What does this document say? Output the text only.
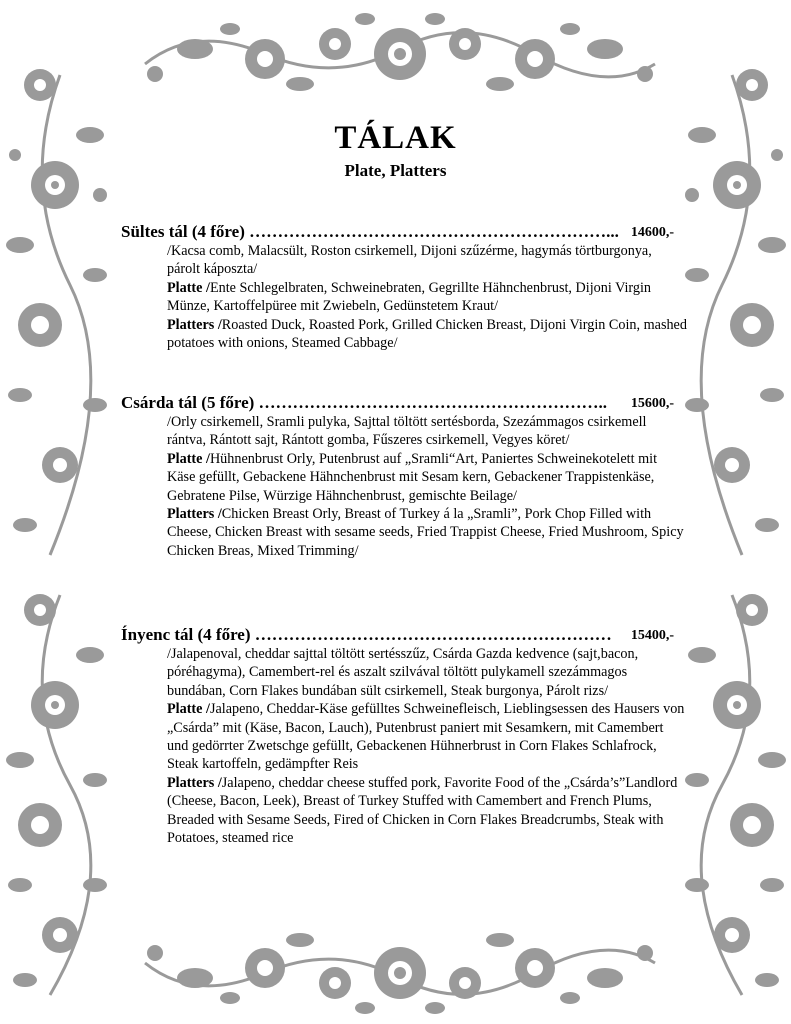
TÁLAK
Plate, Platters
Sültes tál (4 főre) ………………………………………………………... 14600,-

/Kacsa comb, Malacsült, Roston csirkemell, Dijoni szűzérme, hagymás törtburgonya, párolt káposzta/

Platte /Ente Schlegelbraten, Schweinebraten, Gegrillte Hähnchenbrust, Dijoni Virgin Münze, Kartoffelpüree mit Zwiebeln, Gedünstetem Kraut/

Platters /Roasted Duck, Roasted Pork, Grilled Chicken Breast, Dijoni Virgin Coin, mashed potatoes with onions, Steamed Cabbage/

Csárda tál (5 főre) …………………………………………………….. 15600,-

/Orly csirkemell, Sramli pulyka, Sajttal töltött sertésborda, Szezámmagos csirkemell rántva, Rántott sajt, Rántott gomba, Fűszeres csirkemell, Vegyes köret/

Platte /Hühnenbrust Orly, Putenbrust auf „Sramli“Art, Paniertes Schweinekotelett mit Käse gefüllt, Gebackene Hähnchenbrust mit Sesam kern, Gebackener Trappistenkäse, Gebratene Pilse, Würzige Hähnchenbrust, gemischte Beilage/

Platters /Chicken Breast Orly, Breast of Turkey á la „Sramli”, Pork Chop Filled with Cheese, Chicken Breast with sesame seeds, Fried Trappist Cheese, Fried Mushroom, Spicy Chicken Breas, Mixed Trimming/

Ínyenc tál (4 főre) ……………………………………………………… 15400,-

/Jalapenoval, cheddar sajttal töltött sertésszűz, Csárda Gazda kedvence (sajt,bacon, póréhagyma), Camembert-rel és aszalt szilvával töltött pulykamell szezámmagos bundában, Corn Flakes bundában sült csirkemell, Steak burgonya, Párolt rizs/

Platte /Jalapeno, Cheddar-Käse gefülltes Schweinefleisch, Lieblingsessen des Hausers von „Csárda” mit (Käse, Bacon, Lauch), Putenbrust paniert mit Sesamkern, mit Camembert und gedörrter Zwetschge gefüllt, Gebackenen Hühnerbrust in Corn Flakes Schlafrock, Steak kartoffeln, gedämpfter Reis

Platters /Jalapeno, cheddar cheese stuffed pork, Favorite Food of the „Csárda’s”Landlord (Cheese, Bacon, Leek), Breast of Turkey Stuffed with Camembert and French Plums, Breaded with Sesame Seeds, Fired of Chicken in Corn Flakes Breadcrumbs, Steak with Potatoes, steamed rice
